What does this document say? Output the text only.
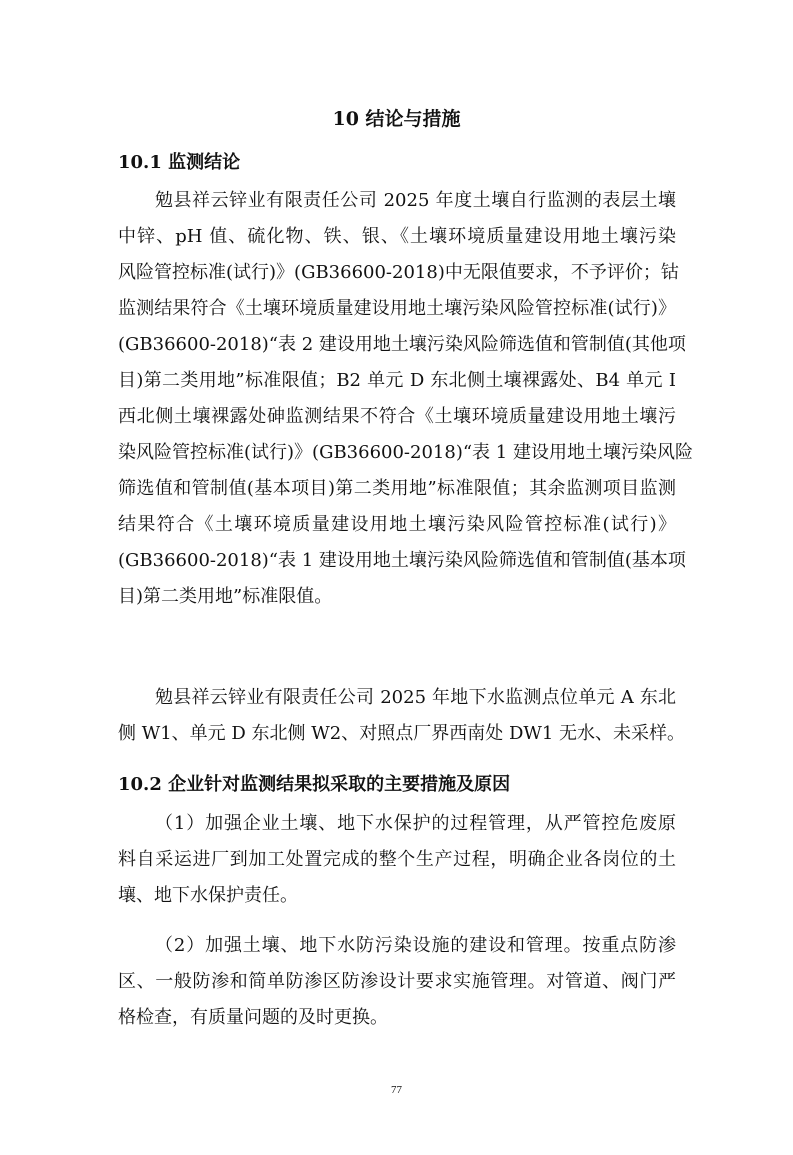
10 结论与措施
10.1 监测结论

勉县祥云锌业有限责任公司 2025 年度土壤自行监测的表层土壤
中锌、pH 值、硫化物、铁、银、《土壤环境质量建设用地土壤污染
风险管控标准(试行)》(GB36600-2018)中无限值要求，不予评价；钴
监测结果符合《土壤环境质量建设用地土壤污染风险管控标准(试行)》
(GB36600-2018)“表 2 建设用地土壤污染风险筛选值和管制值(其他项
目)第二类用地”标准限值；B2 单元 D 东北侧土壤裸露处、B4 单元 I
西北侧土壤裸露处砷监测结果不符合《土壤环境质量建设用地土壤污
染风险管控标准(试行)》(GB36600-2018)“表 1 建设用地土壤污染风险
筛选值和管制值(基本项目)第二类用地”标准限值；其余监测项目监测
结果符合《土壤环境质量建设用地土壤污染风险管控标准(试行)》
(GB36600-2018)“表 1 建设用地土壤污染风险筛选值和管制值(基本项
目)第二类用地”标准限值。

勉县祥云锌业有限责任公司 2025 年地下水监测点位单元 A 东北
侧 W1、单元 D 东北侧 W2、对照点厂界西南处 DW1 无水、未采样。

10.2 企业针对监测结果拟采取的主要措施及原因

（1）加强企业土壤、地下水保护的过程管理，从严管控危废原
料自采运进厂到加工处置完成的整个生产过程，明确企业各岗位的土
壤、地下水保护责任。

（2）加强土壤、地下水防污染设施的建设和管理。按重点防渗
区、一般防渗和简单防渗区防渗设计要求实施管理。对管道、阀门严
格检查，有质量问题的及时更换。

77
